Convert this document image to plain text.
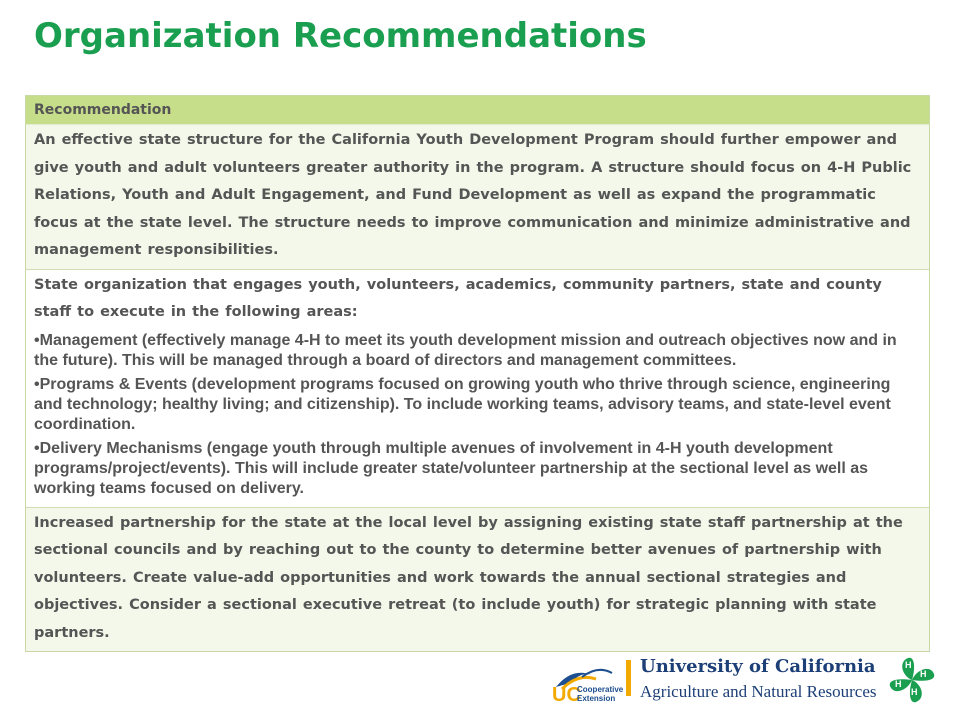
Organization Recommendations
Recommendation

An effective state structure for the California Youth Development Program should further empower and give youth and adult volunteers greater authority in the program. A structure should focus on 4-H Public Relations, Youth and Adult Engagement, and Fund Development as well as expand the programmatic focus at the state level. The structure needs to improve communication and minimize administrative and management responsibilities.

State organization that engages youth, volunteers, academics, community partners, state and county staff to execute in the following areas:

•Management (effectively manage 4-H to meet its youth development mission and outreach objectives now and in the future). This will be managed through a board of directors and management committees.

•Programs & Events (development programs focused on growing youth who thrive through science, engineering and technology; healthy living; and citizenship). To include working teams, advisory teams, and state-level event coordination.

•Delivery Mechanisms (engage youth through multiple avenues of involvement in 4-H youth development programs/project/events). This will include greater state/volunteer partnership at the sectional level as well as working teams focused on delivery.

Increased partnership for the state at the local level by assigning existing state staff partnership at the sectional councils and by reaching out to the county to determine better avenues of partnership with volunteers. Create value-add opportunities and work towards the annual sectional strategies and objectives. Consider a sectional executive retreat (to include youth) for strategic planning with state partners.

UC
Cooperative
Extension
University of California
Agriculture and Natural Resources
H
H
H
H
